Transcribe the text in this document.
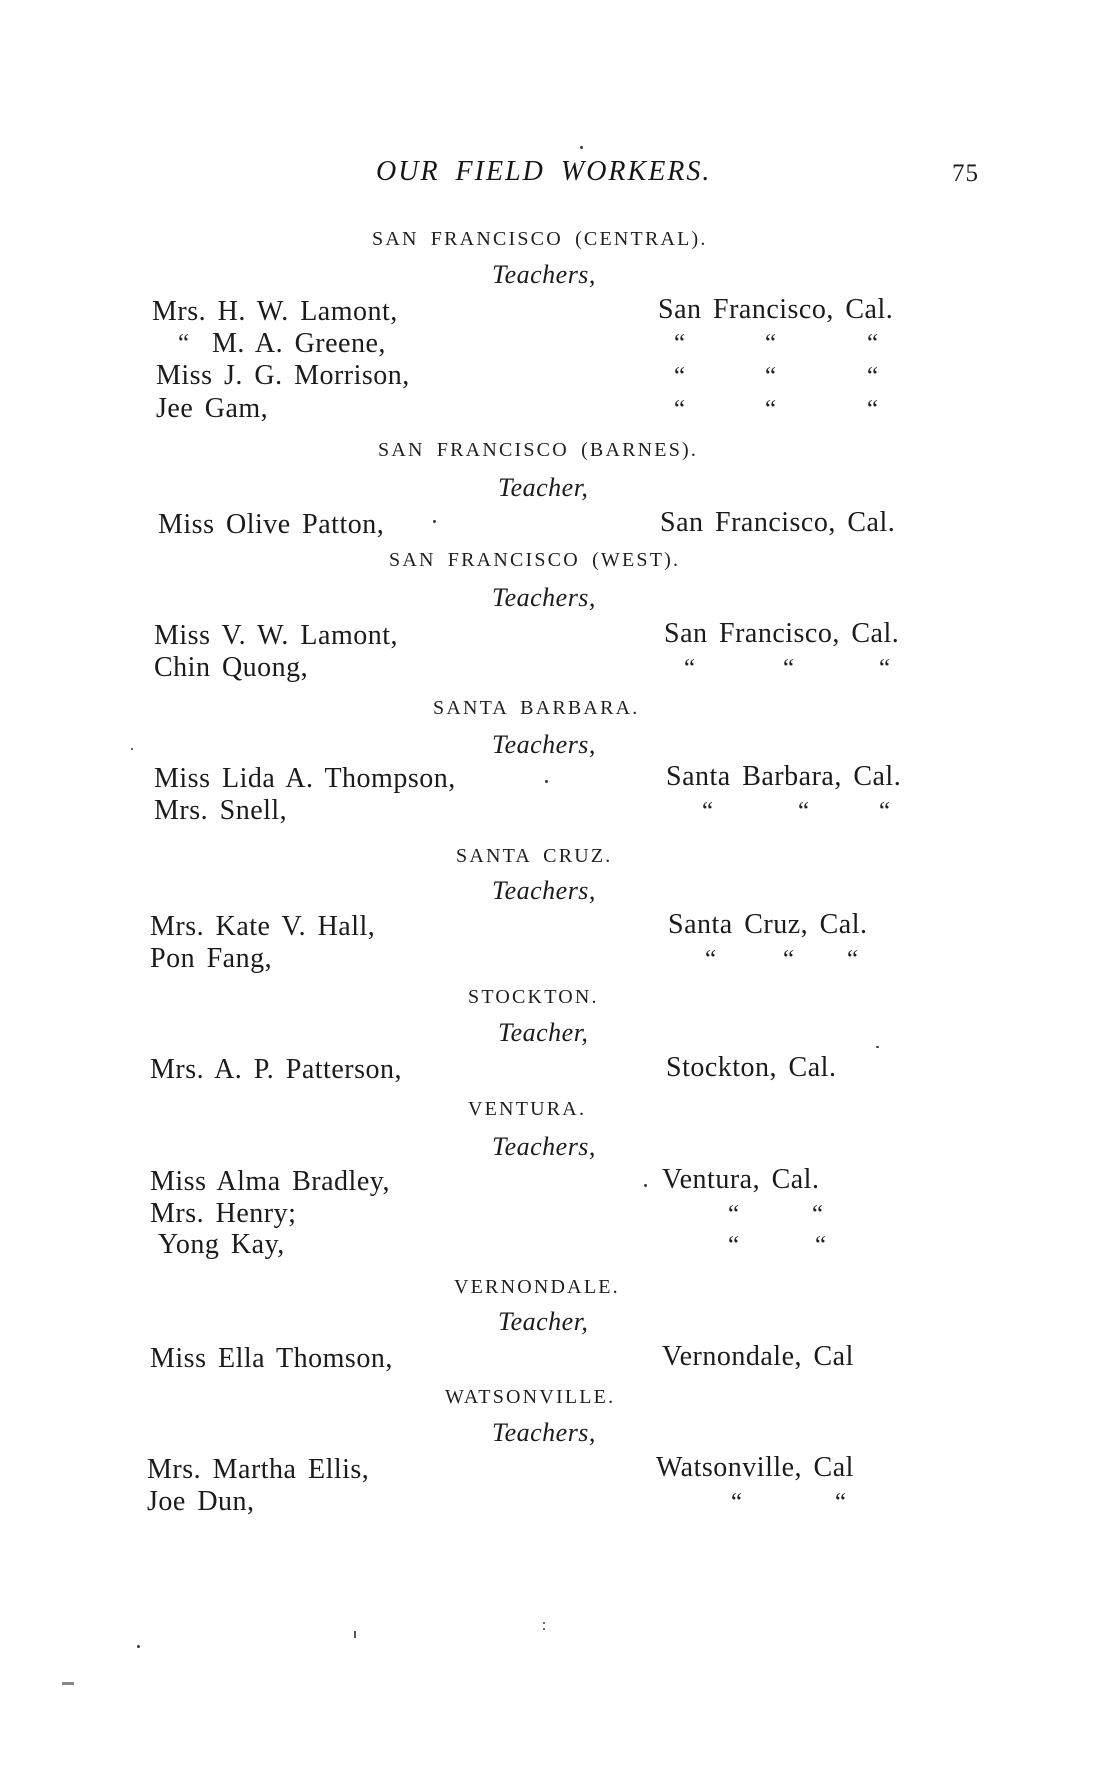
OUR FIELD WORKERS.	75
SAN FRANCISCO (CENTRAL).
Teachers,
Mrs. H. W. Lamont,	San Francisco, Cal.
“ M. A. Greene,	“	“	“
Miss J. G. Morrison,	“	“	“
Jee Gam,	“	“	“
SAN FRANCISCO (BARNES).
Teacher,
Miss Olive Patton,	San Francisco, Cal.
SAN FRANCISCO (WEST).
Teachers,
Miss V. W. Lamont,	San Francisco, Cal.
Chin Quong,	“	“	“
SANTA BARBARA.
Teachers,
Miss Lida A. Thompson,	Santa Barbara, Cal.
Mrs. Snell,	“	“	“
SANTA CRUZ.
Teachers,
Mrs. Kate V. Hall,	Santa Cruz, Cal.
Pon Fang,	“	“ “
STOCKTON.
Teacher,
Mrs. A. P. Patterson,	Stockton, Cal.
VENTURA.
Teachers,
Miss Alma Bradley,	Ventura, Cal.
Mrs. Henry;	“	“
Yong Kay,	“	“
VERNONDALE.
Teacher,
Miss Ella Thomson,	Vernondale, Cal
WATSONVILLE.
Teachers,
Mrs. Martha Ellis,	Watsonville, Cal
Joe Dun,	“	“
